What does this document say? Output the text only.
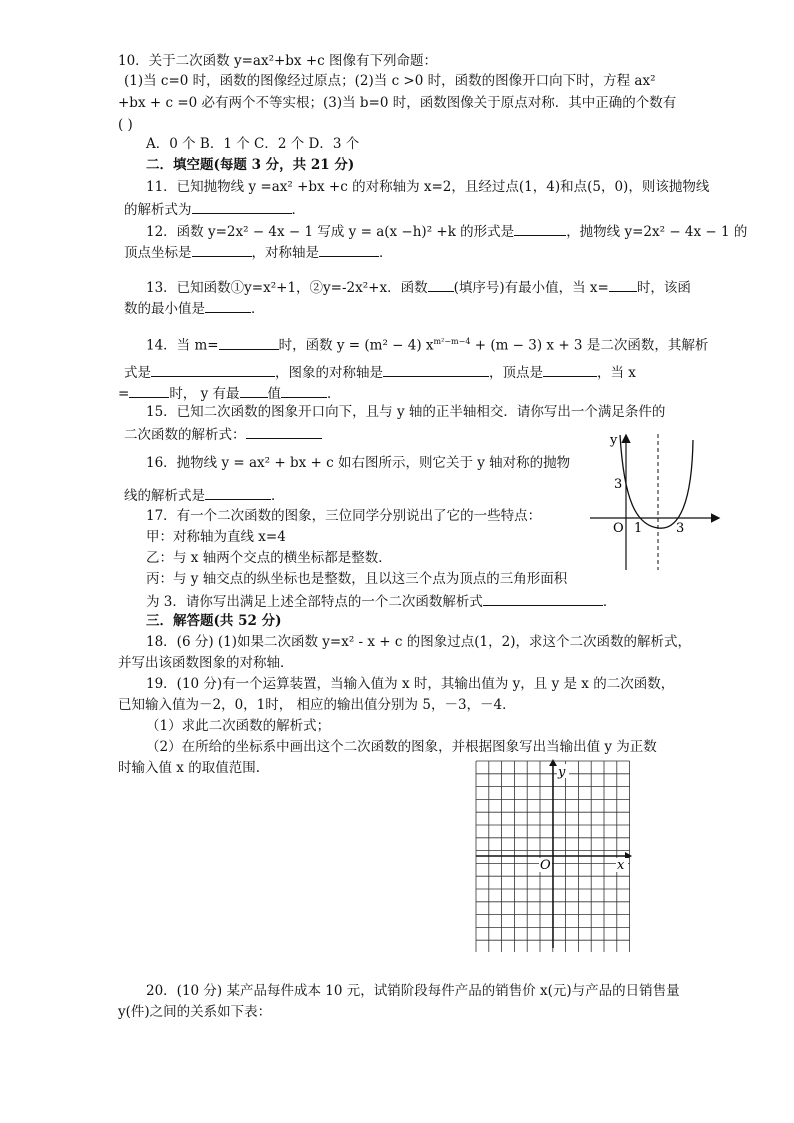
10．关于二次函数 y=ax²+bx +c 图像有下列命题：
(1)当 c=0 时，函数的图像经过原点；(2)当 c >0 时，函数的图像开口向下时，方程 ax²
+bx + c =0 必有两个不等实根；(3)当 b=0 时，函数图像关于原点对称．其中正确的个数有
( )
A．0 个 B．1 个 C．2 个 D．3 个
二．填空题(每题 3 分，共 21 分)
11．已知抛物线 y =ax² +bx +c 的对称轴为 x=2，且经过点(1，4)和点(5，0)，则该抛物线
的解析式为	．
12．函数 y=2x² − 4x − 1 写成 y = a(x −h)² +k 的形式是	，抛物线 y=2x² − 4x − 1 的
顶点坐标是	，对称轴是	．
13．已知函数①y=x²+1，②y=-2x²+x．函数 (填序号)有最小值，当 x= 时，该函
数的最小值是	．
14．当 m=	时，函数 y = (m² − 4) $x^{m^2-m-4} + (m - 3) x + 3$ 是二次函数，其解析
式是	，图象的对称轴是	，顶点是	，当 x
=	时， y 有最 值	．
15．已知二次函数的图象开口向下，且与 y 轴的正半轴相交．请你写出一个满足条件的
二次函数的解析式：
16．抛物线 y = ax² + bx + c 如右图所示，则它关于 y 轴对称的抛物
线的解析式是	．
17．有一个二次函数的图象，三位同学分别说出了它的一些特点：
甲：对称轴为直线 x=4
乙：与 x 轴两个交点的横坐标都是整数．
丙：与 y 轴交点的纵坐标也是整数，且以这三个点为顶点的三角形面积
为 3．请你写出满足上述全部特点的一个二次函数解析式	．
y
3
O 1	3
三．解答题(共 52 分)
18．(6 分) (1)如果二次函数 y=x² - x + c 的图象过点(1，2)，求这个二次函数的解析式，
并写出该函数图象的对称轴．
19．(10 分)有一个运算装置，当输入值为 x 时，其输出值为 y，且 y 是 x 的二次函数，
已知输入值为－2，0，1时， 相应的输出值分别为 5，－3，－4．
（1）求此二次函数的解析式；
（2）在所给的坐标系中画出这个二次函数的图象，并根据图象写出当输出值 y 为正数
时输入值 x 的取值范围.	y
x
O
20．(10 分) 某产品每件成本 10 元，试销阶段每件产品的销售价 x(元)与产品的日销售量
y(件)之间的关系如下表：
